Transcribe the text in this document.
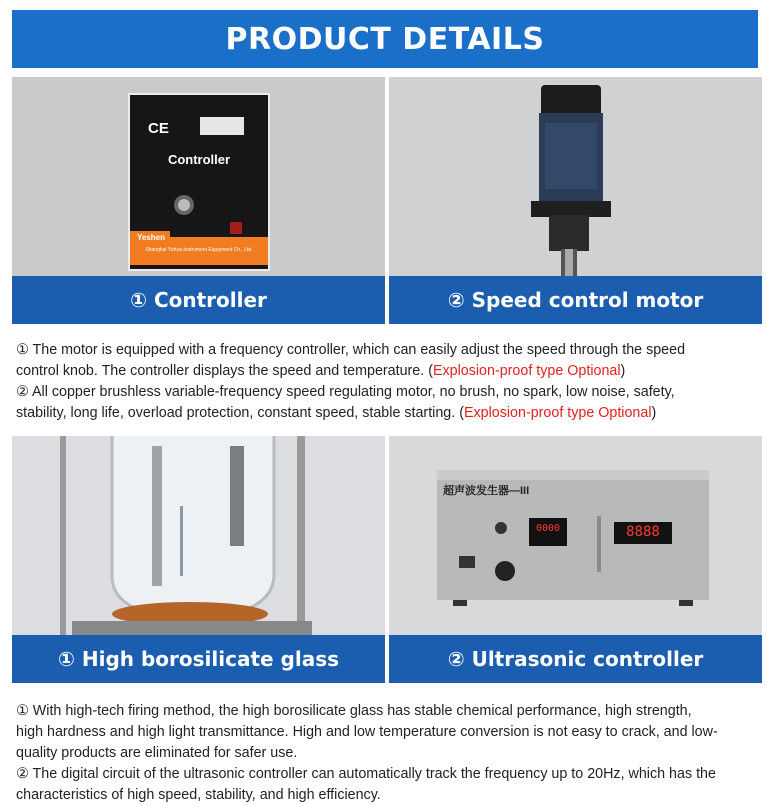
PRODUCT DETAILS
CE
Controller
Yeshen
Shanghai Yuhua Instrument Equipment Co., Ltd.
① Controller	② Speed control motor
① The motor is equipped with a frequency controller, which can easily adjust the speed through the speed
control knob. The controller displays the speed and temperature. (Explosion-proof type Optional)
② All copper brushless variable-frequency speed regulating motor, no brush, no spark, low noise, safety,
stability, long life, overload protection, constant speed, stable starting. (Explosion-proof type Optional)
① High borosilicate glass
超声波发生器—III
0000	8888
② Ultrasonic controller
① With high-tech firing method, the high borosilicate glass has stable chemical performance, high strength,
high hardness and high light transmittance. High and low temperature conversion is not easy to crack, and low-
quality products are eliminated for safer use.
② The digital circuit of the ultrasonic controller can automatically track the frequency up to 20Hz, which has the
characteristics of high speed, stability, and high efficiency.
